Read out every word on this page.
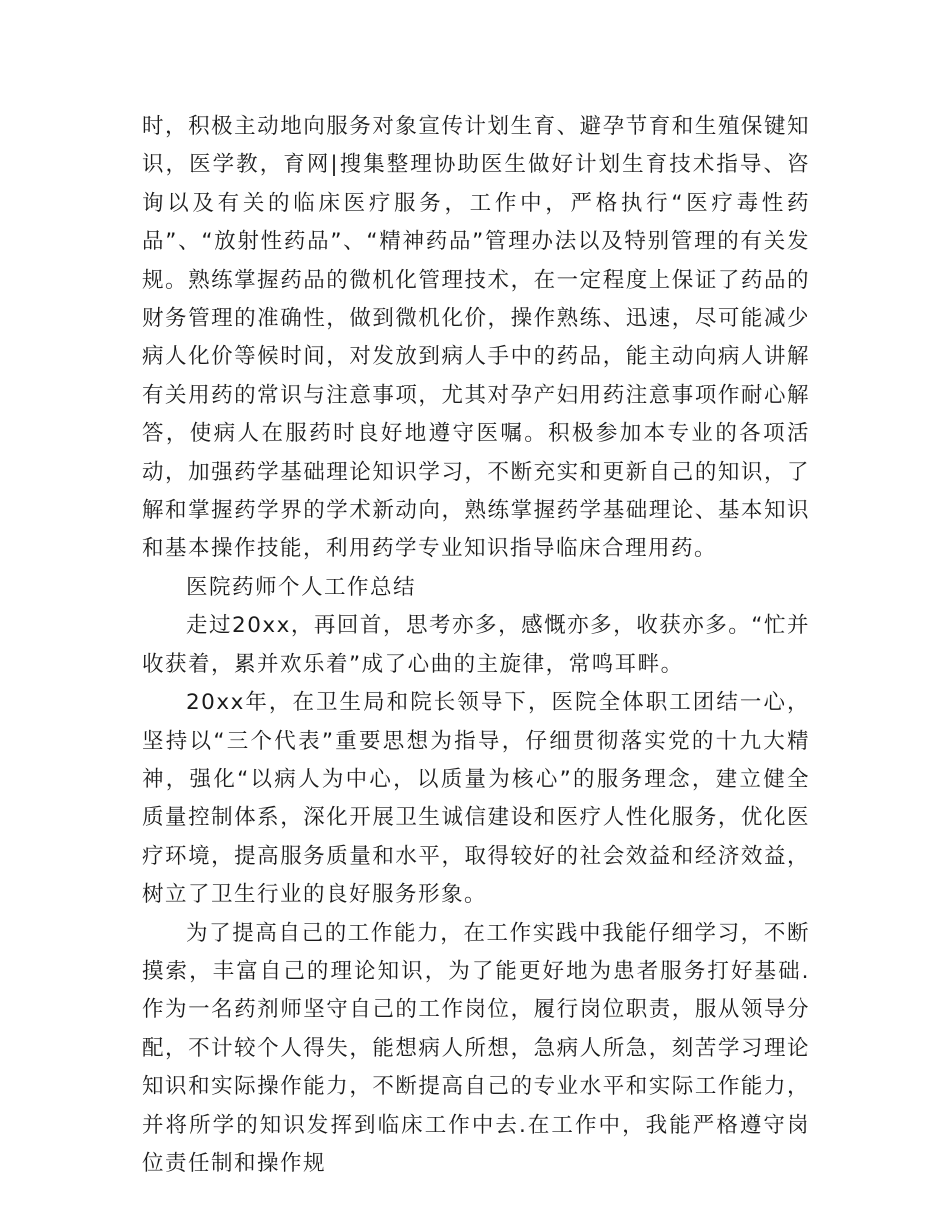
时，积极主动地向服务对象宣传计划生育、避孕节育和生殖保键知识，医学教，育网|搜集整理协助医生做好计划生育技术指导、咨询以及有关的临床医疗服务，工作中，严格执行“医疗毒性药品”、“放射性药品”、“精神药品”管理办法以及特别管理的有关发规。熟练掌握药品的微机化管理技术，在一定程度上保证了药品的财务管理的准确性，做到微机化价，操作熟练、迅速，尽可能减少病人化价等候时间，对发放到病人手中的药品，能主动向病人讲解有关用药的常识与注意事项，尤其对孕产妇用药注意事项作耐心解答，使病人在服药时良好地遵守医嘱。积极参加本专业的各项活动，加强药学基础理论知识学习，不断充实和更新自己的知识，了解和掌握药学界的学术新动向，熟练掌握药学基础理论、基本知识和基本操作技能，利用药学专业知识指导临床合理用药。

医院药师个人工作总结

走过20xx，再回首，思考亦多，感慨亦多，收获亦多。“忙并收获着，累并欢乐着”成了心曲的主旋律，常鸣耳畔。

20xx年，在卫生局和院长领导下，医院全体职工团结一心，坚持以“三个代表”重要思想为指导，仔细贯彻落实党的十九大精神，强化“以病人为中心，以质量为核心”的服务理念，建立健全质量控制体系，深化开展卫生诚信建设和医疗人性化服务，优化医疗环境，提高服务质量和水平，取得较好的社会效益和经济效益，树立了卫生行业的良好服务形象。

为了提高自己的工作能力，在工作实践中我能仔细学习，不断摸索，丰富自己的理论知识，为了能更好地为患者服务打好基础.作为一名药剂师坚守自己的工作岗位，履行岗位职责，服从领导分配，不计较个人得失，能想病人所想，急病人所急，刻苦学习理论知识和实际操作能力，不断提高自己的专业水平和实际工作能力，并将所学的知识发挥到临床工作中去.在工作中，我能严格遵守岗位责任制和操作规
